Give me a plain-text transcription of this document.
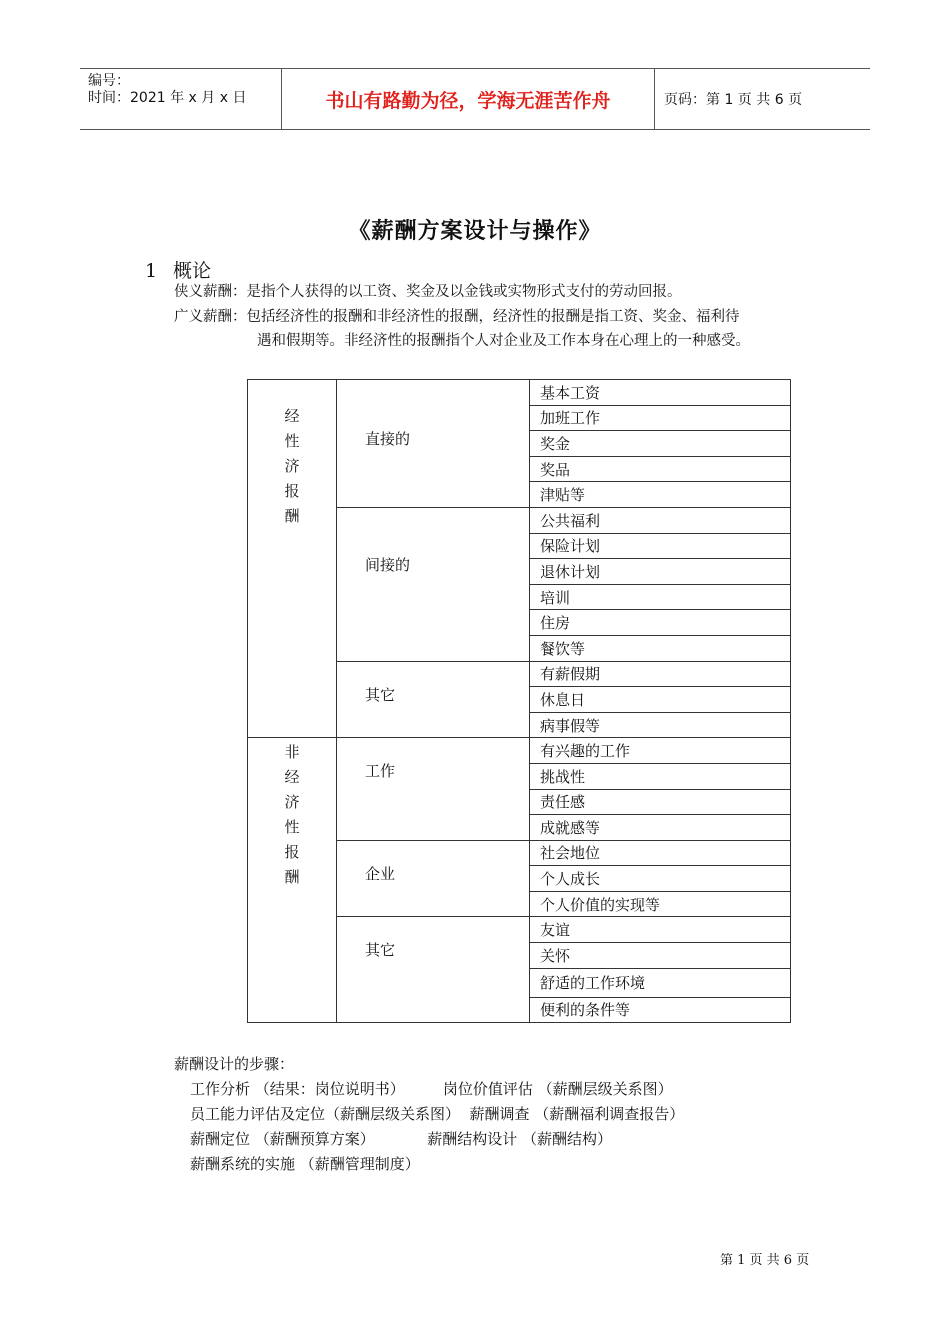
编号：
时间：2021 年 x 月 x 日	书山有路勤为径，学海无涯苦作舟	页码：第 1 页 共 6 页
《薪酬方案设计与操作》
1 概论
侠义薪酬：是指个人获得的以工资、奖金及以金钱或实物形式支付的劳动回报。
广义薪酬：包括经济性的报酬和非经济性的报酬，经济性的报酬是指工资、奖金、福利待
遇和假期等。非经济性的报酬指个人对企业及工作本身在心理上的一种感受。
经性济报酬	直接的	基本工资
		加班工作
		奖金
		奖品
		津贴等

	间接的	公共福利
		保险计划
		退休计划
		培训
		住房
		餐饮等

	其它	有薪假期
		休息日
		病事假等
非经济性报酬	工作	有兴趣的工作
		挑战性
		责任感
		成就感等

	企业	社会地位
		个人成长
		个人价值的实现等

	其它	友谊
		关怀
		舒适的工作环境
		便利的条件等
薪酬设计的步骤：
工作分析 （结果：岗位说明书）        岗位价值评估 （薪酬层级关系图）
员工能力评估及定位（薪酬层级关系图）  薪酬调查 （薪酬福利调查报告）
薪酬定位 （薪酬预算方案）           薪酬结构设计 （薪酬结构）
薪酬系统的实施 （薪酬管理制度）
第 1 页 共 6 页
